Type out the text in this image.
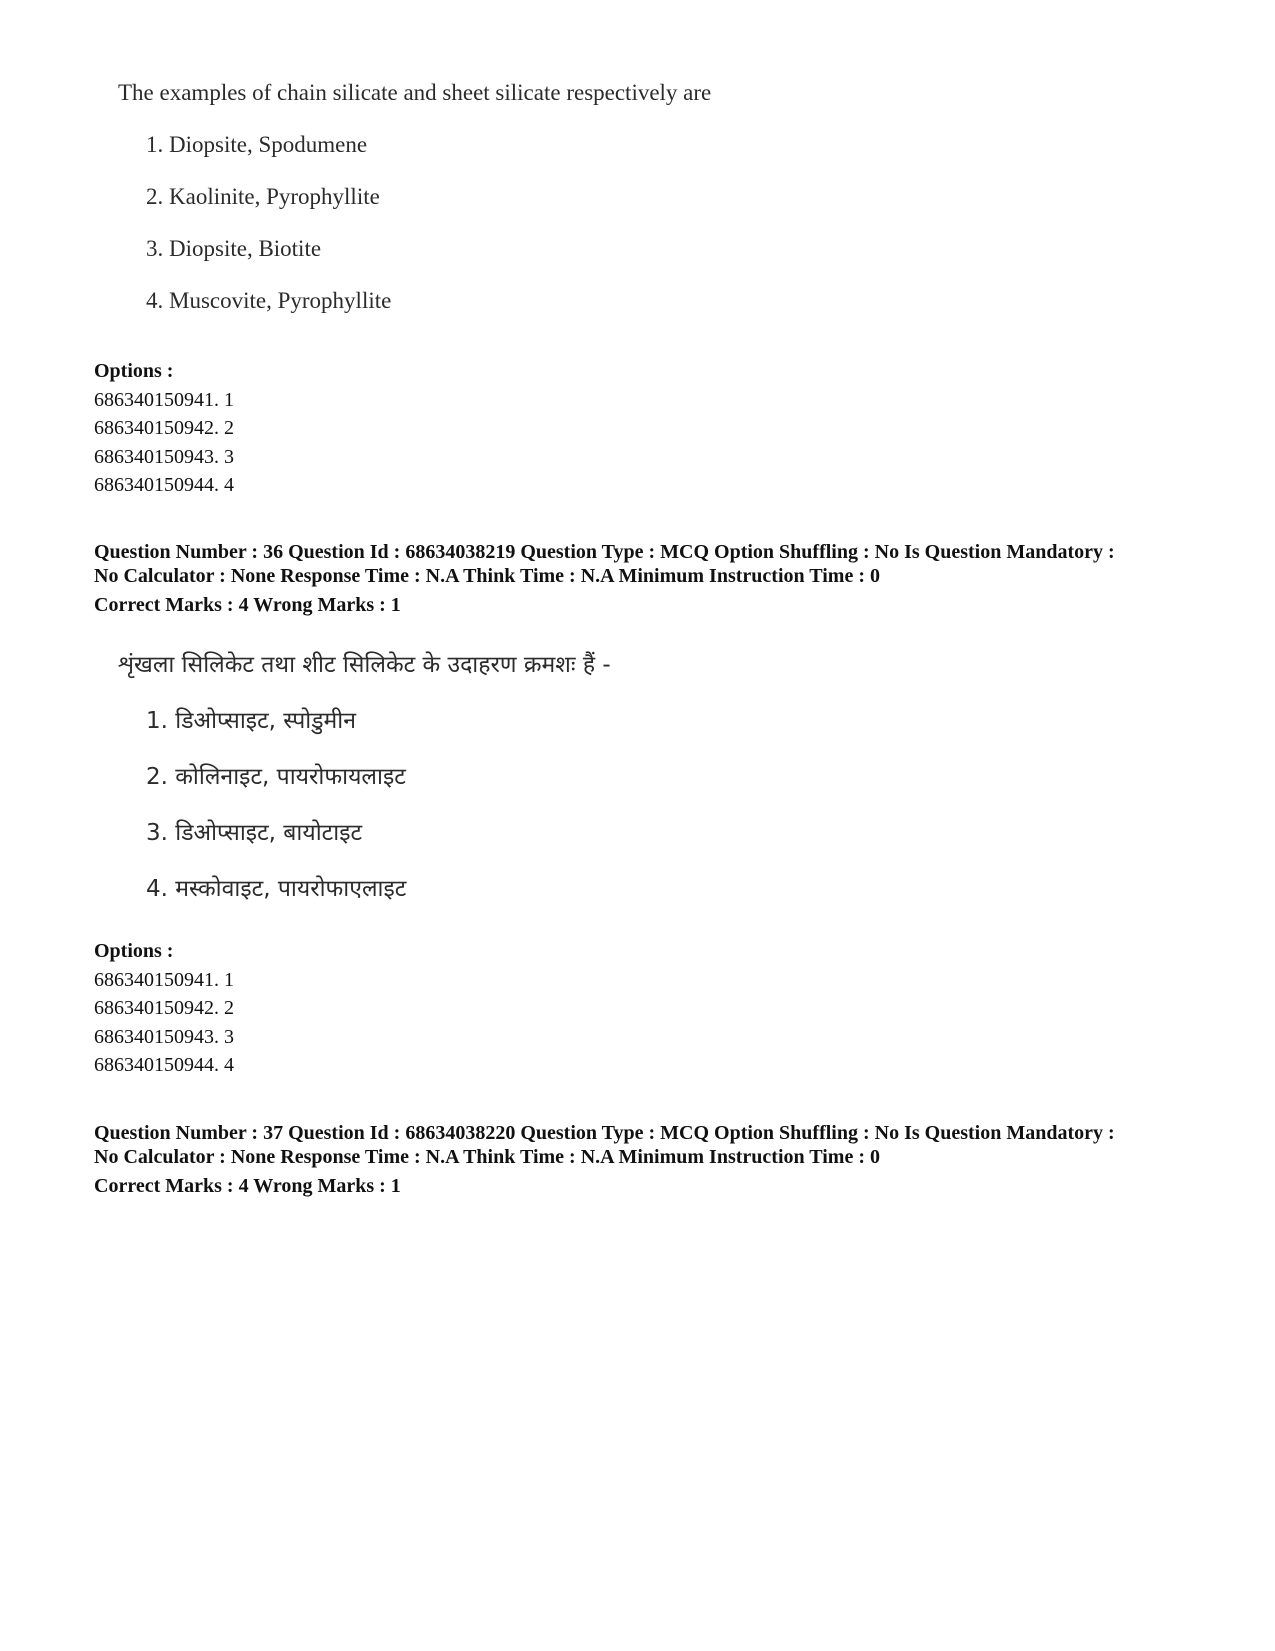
The examples of chain silicate and sheet silicate respectively are

1. Diopsite, Spodumene

2. Kaolinite, Pyrophyllite

3. Diopsite, Biotite

4. Muscovite, Pyrophyllite

Options :
686340150941. 1
686340150942. 2
686340150943. 3
686340150944. 4
Question Number : 36 Question Id : 68634038219 Question Type : MCQ Option Shuffling : No Is Question Mandatory :
No Calculator : None Response Time : N.A Think Time : N.A Minimum Instruction Time : 0
Correct Marks : 4 Wrong Marks : 1

शृंखला सिलिकेट तथा शीट सिलिकेट के उदाहरण क्रमशः हैं -

1. डिओप्साइट, स्पोडुमीन

2. कोलिनाइट, पायरोफायलाइट

3. डिओप्साइट, बायोटाइट

4. मस्कोवाइट, पायरोफाएलाइट

Options :
686340150941. 1
686340150942. 2
686340150943. 3
686340150944. 4
Question Number : 37 Question Id : 68634038220 Question Type : MCQ Option Shuffling : No Is Question Mandatory :
No Calculator : None Response Time : N.A Think Time : N.A Minimum Instruction Time : 0
Correct Marks : 4 Wrong Marks : 1
